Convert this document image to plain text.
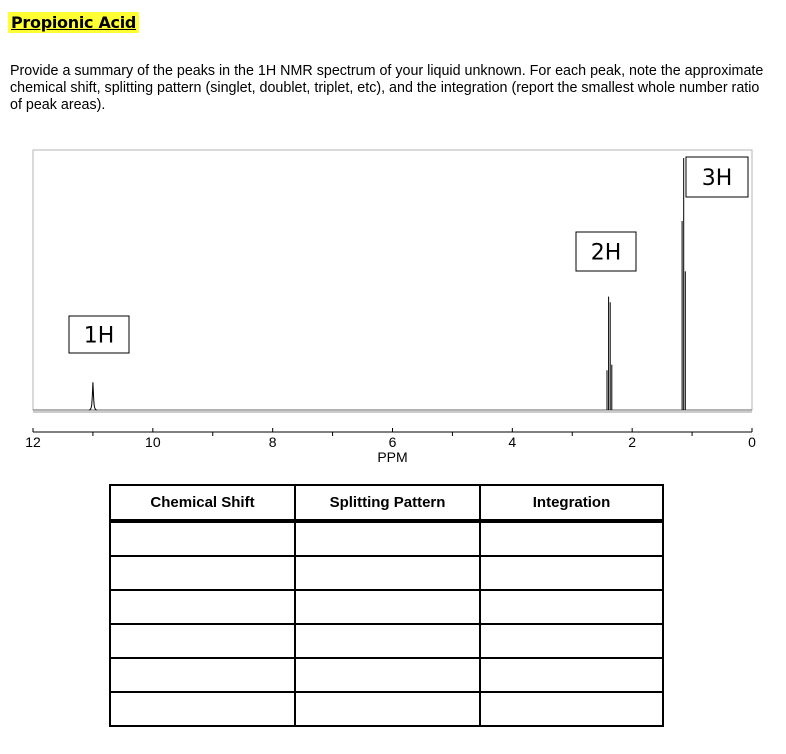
Propionic Acid
Provide a summary of the peaks in the 1H NMR spectrum of your liquid unknown. For each peak, note the approximate chemical shift, splitting pattern (singlet, doublet, triplet, etc), and the integration (report the smallest whole number ratio of peak areas).
12	10	8	6	4	2	0
PPM
1H
2H
3H
Chemical Shift	Splitting Pattern	Integration
